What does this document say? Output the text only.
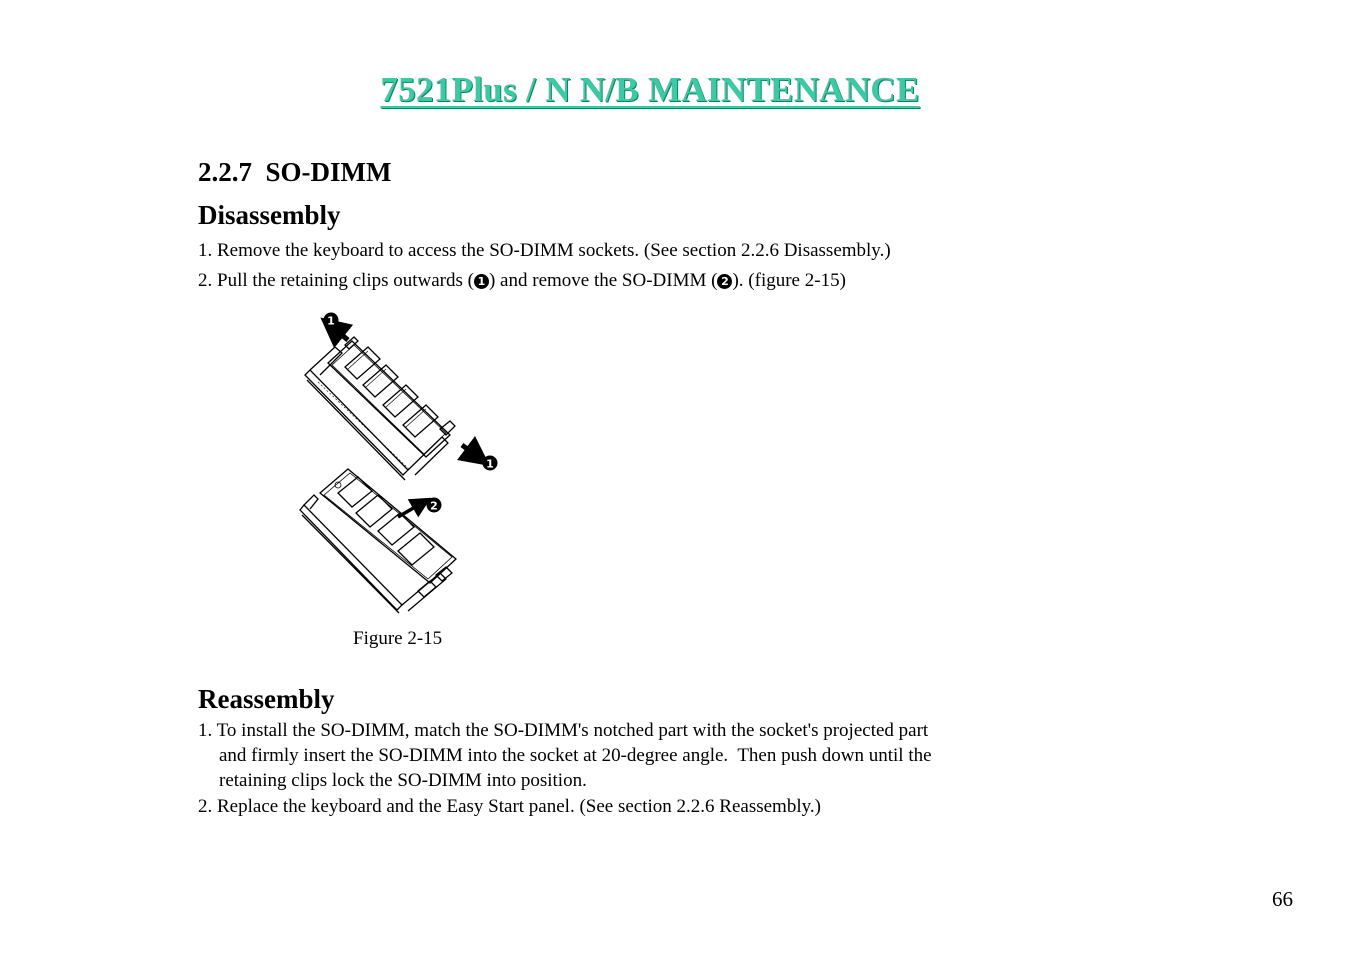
7521Plus / N N/B MAINTENANCE
2.2.7  SO-DIMM
Disassembly
1. Remove the keyboard to access the SO-DIMM sockets. (See section 2.2.6 Disassembly.)
2. Pull the retaining clips outwards ( 1 ) and remove the SO-DIMM ( 2 ). (figure 2-15)
1
1
2
Figure 2-15
Reassembly
1. To install the SO-DIMM, match the SO-DIMM's notched part with the socket's projected part
and firmly insert the SO-DIMM into the socket at 20-degree angle.  Then push down until the
retaining clips lock the SO-DIMM into position.
2. Replace the keyboard and the Easy Start panel. (See section 2.2.6 Reassembly.)
66
